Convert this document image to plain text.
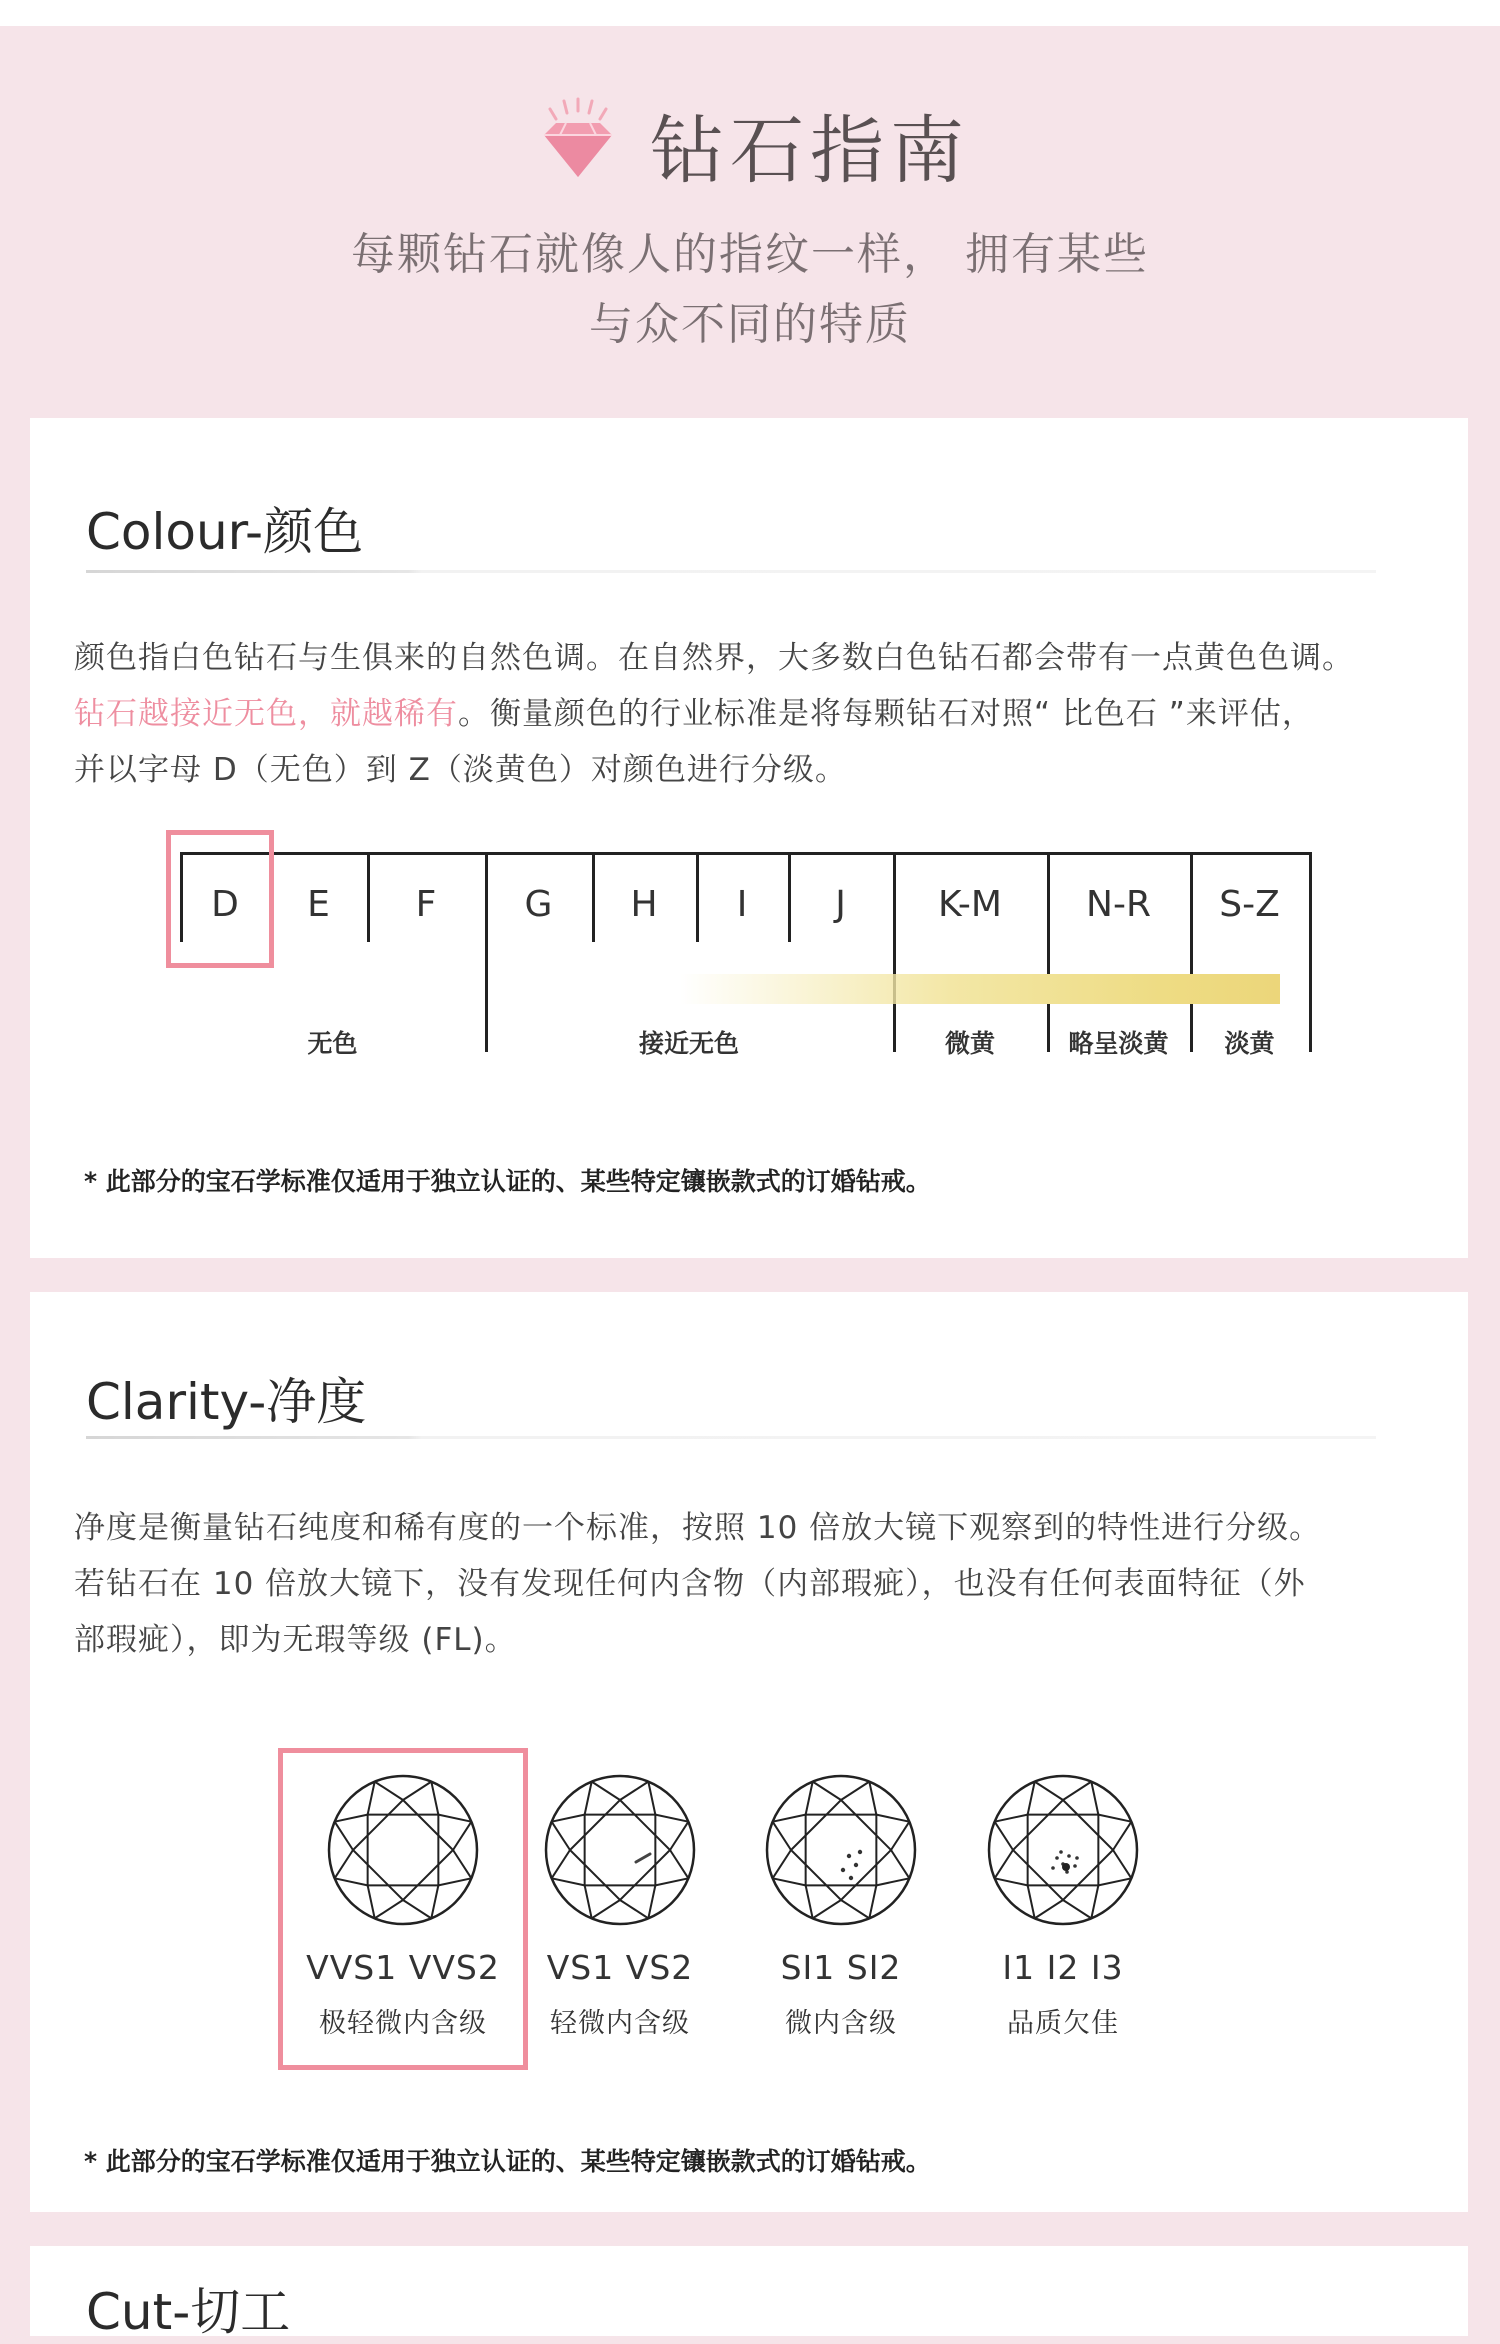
钻石指南
每颗钻石就像人的指纹一样， 拥有某些
与众不同的特质
Colour-颜色
颜色指白色钻石与生俱来的自然色调。在自然界，大多数白色钻石都会带有一点黄色色调。
钻石越接近无色，就越稀有。衡量颜色的行业标准是将每颗钻石对照“ 比色石 ”来评估，
并以字母 D（无色）到 Z（淡黄色）对颜色进行分级。
D	E	F	G	H	I	J	K-M	N-R	S-Z
无色	接近无色	微黄	略呈淡黄	淡黄
* 此部分的宝石学标准仅适用于独立认证的、某些特定镶嵌款式的订婚钻戒。
Clarity-净度
净度是衡量钻石纯度和稀有度的一个标准，按照 10 倍放大镜下观察到的特性进行分级。
若钻石在 10 倍放大镜下，没有发现任何内含物（内部瑕疵），也没有任何表面特征（外
部瑕疵），即为无瑕等级 (FL)。
VVS1 VVS2
极轻微内含级
VS1 VS2
轻微内含级
SI1 SI2
微内含级
I1 I2 I3
品质欠佳
* 此部分的宝石学标准仅适用于独立认证的、某些特定镶嵌款式的订婚钻戒。
Cut-切工
